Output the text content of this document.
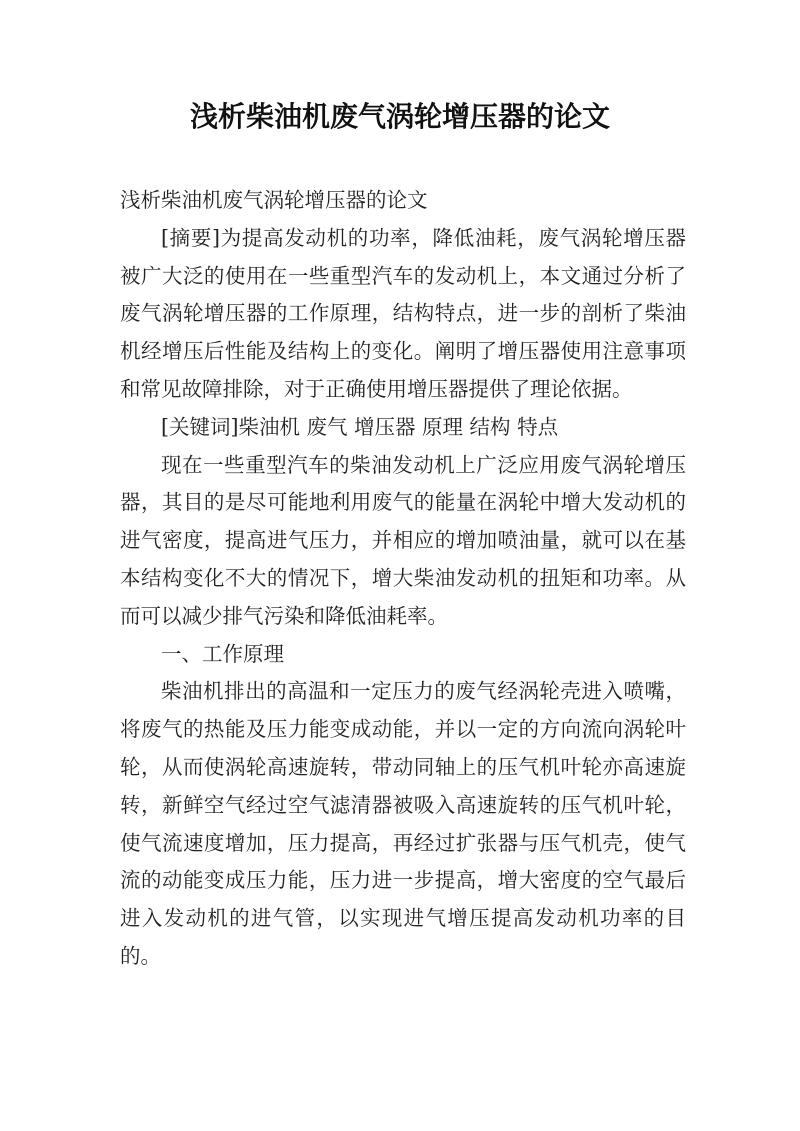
浅析柴油机废气涡轮增压器的论文

浅析柴油机废气涡轮增压器的论文

[摘要]为提高发动机的功率，降低油耗，废气涡轮增压器被广大泛的使用在一些重型汽车的发动机上，本文通过分析了废气涡轮增压器的工作原理，结构特点，进一步的剖析了柴油机经增压后性能及结构上的变化。阐明了增压器使用注意事项和常见故障排除，对于正确使用增压器提供了理论依据。

[关键词]柴油机 废气 增压器 原理 结构 特点

现在一些重型汽车的柴油发动机上广泛应用废气涡轮增压器，其目的是尽可能地利用废气的能量在涡轮中增大发动机的进气密度，提高进气压力，并相应的增加喷油量，就可以在基本结构变化不大的情况下，增大柴油发动机的扭矩和功率。从而可以减少排气污染和降低油耗率。

一、工作原理

柴油机排出的高温和一定压力的废气经涡轮壳进入喷嘴，将废气的热能及压力能变成动能，并以一定的方向流向涡轮叶轮，从而使涡轮高速旋转，带动同轴上的压气机叶轮亦高速旋转，新鲜空气经过空气滤清器被吸入高速旋转的压气机叶轮，使气流速度增加，压力提高，再经过扩张器与压气机壳，使气流的动能变成压力能，压力进一步提高，增大密度的空气最后进入发动机的进气管，以实现进气增压提高发动机功率的目的。
